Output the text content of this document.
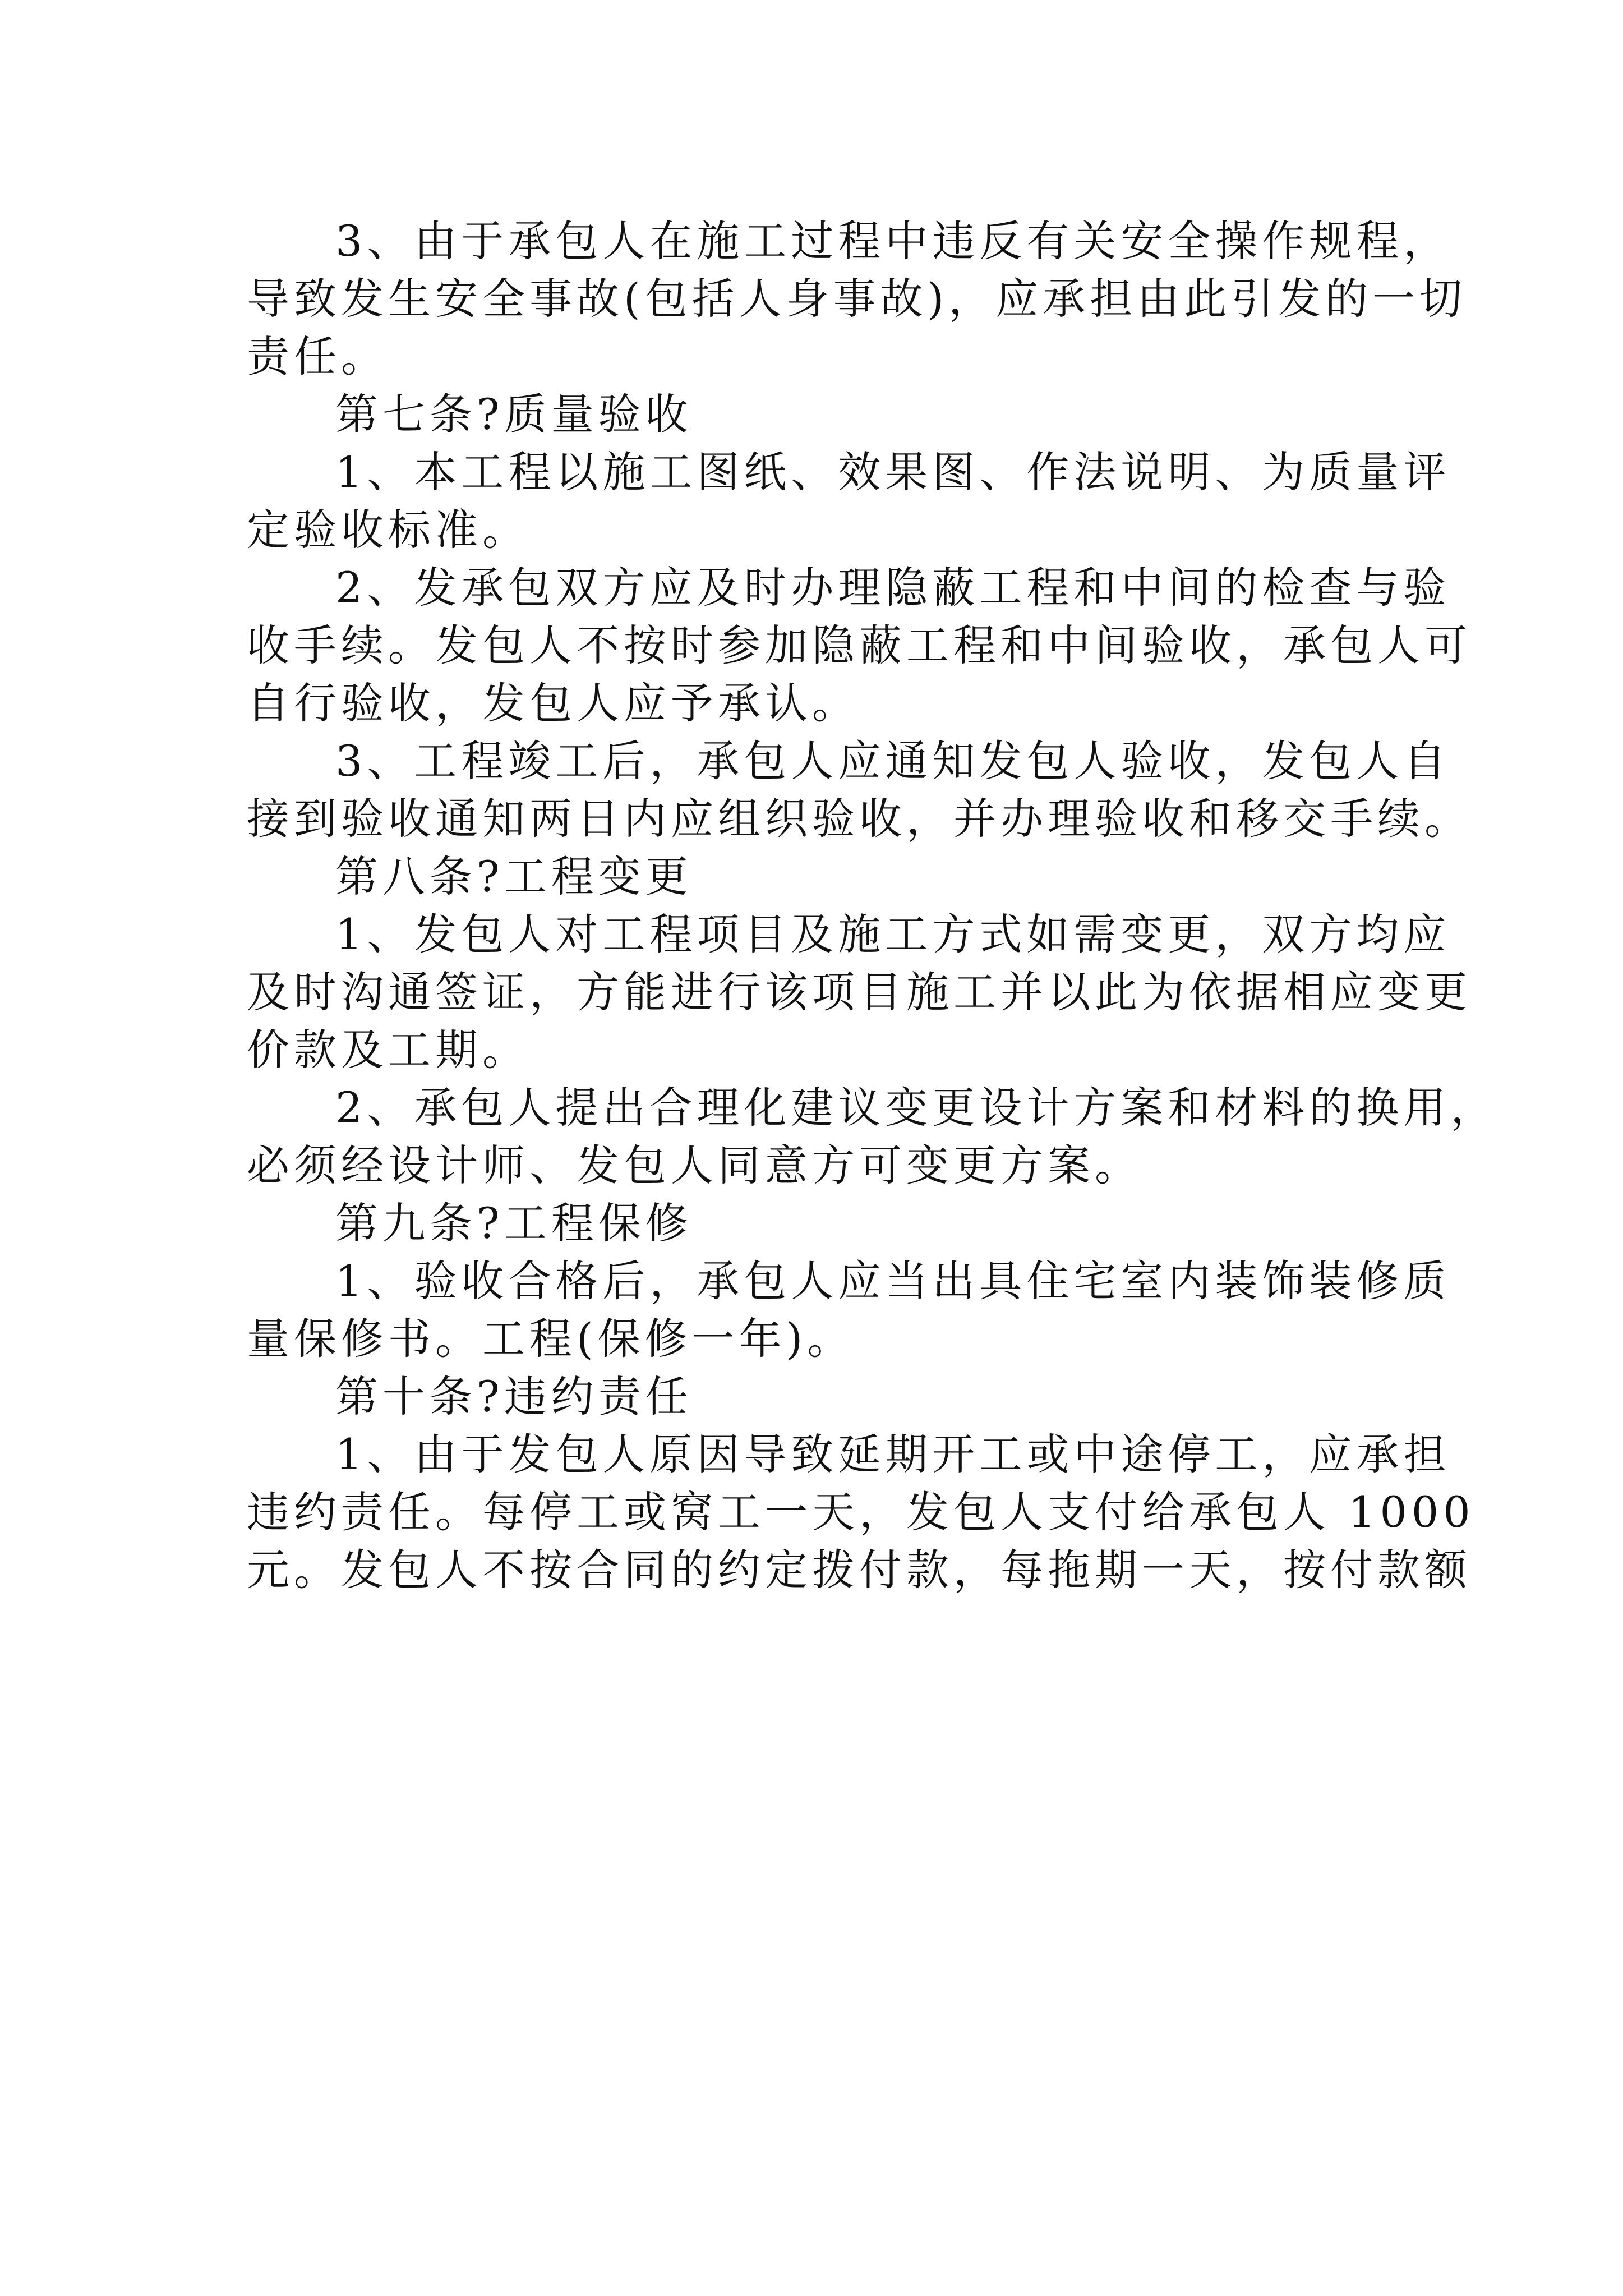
3、由于承包人在施工过程中违反有关安全操作规程，
导致发生安全事故(包括人身事故)，应承担由此引发的一切
责任。
第七条?质量验收
1、本工程以施工图纸、效果图、作法说明、为质量评
定验收标准。
2、发承包双方应及时办理隐蔽工程和中间的检查与验
收手续。发包人不按时参加隐蔽工程和中间验收，承包人可
自行验收，发包人应予承认。
3、工程竣工后，承包人应通知发包人验收，发包人自
接到验收通知两日内应组织验收，并办理验收和移交手续。
第八条?工程变更
1、发包人对工程项目及施工方式如需变更，双方均应
及时沟通签证，方能进行该项目施工并以此为依据相应变更
价款及工期。
2、承包人提出合理化建议变更设计方案和材料的换用，
必须经设计师、发包人同意方可变更方案。
第九条?工程保修
1、验收合格后，承包人应当出具住宅室内装饰装修质
量保修书。工程(保修一年)。
第十条?违约责任
1、由于发包人原因导致延期开工或中途停工，应承担
违约责任。每停工或窝工一天，发包人支付给承包人 1000
元。发包人不按合同的约定拨付款，每拖期一天，按付款额
